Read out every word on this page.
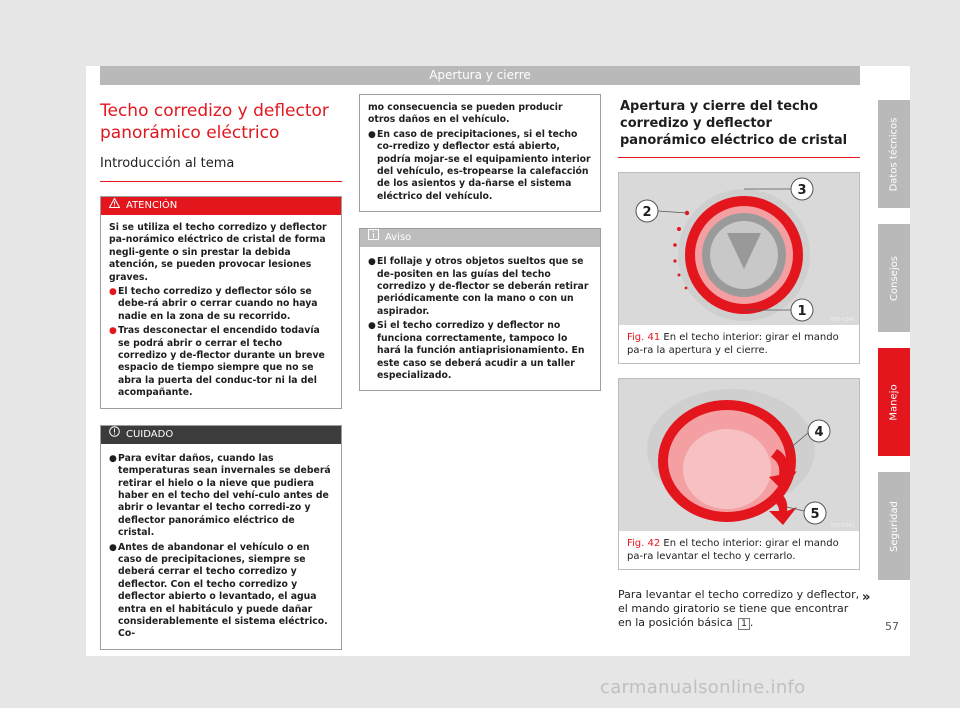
Apertura y cierre
Techo corredizo y deflector
panorámico eléctrico
Introducción al tema
ATENCIÓN

Si se utiliza el techo corredizo y deflector pa-norámico eléctrico de cristal de forma negli-gente o sin prestar la debida atención, se pueden provocar lesiones graves.

● El techo corredizo y deflector sólo se debe-rá abrir o cerrar cuando no haya nadie en la zona de su recorrido.
● Tras desconectar el encendido todavía se podrá abrir o cerrar el techo corredizo y de-flector durante un breve espacio de tiempo siempre que no se abra la puerta del conduc-tor ni la del acompañante.
CUIDADO
● Para evitar daños, cuando las temperaturas sean invernales se deberá retirar el hielo o la nieve que pudiera haber en el techo del vehí-culo antes de abrir o levantar el techo corredi-zo y deflector panorámico eléctrico de cristal.
● Antes de abandonar el vehículo o en caso de precipitaciones, siempre se deberá cerrar el techo corredizo y deflector. Con el techo corredizo y deflector abierto o levantado, el agua entra en el habitáculo y puede dañar considerablemente el sistema eléctrico. Co-

mo consecuencia se pueden producir otros daños en el vehículo.

● En caso de precipitaciones, si el techo co-rredizo y deflector está abierto, podría mojar-se el equipamiento interior del vehículo, es-tropearse la calefacción de los asientos y da-ñarse el sistema eléctrico del vehículo.
Aviso
● El follaje y otros objetos sueltos que se de-positen en las guías del techo corredizo y de-flector se deberán retirar periódicamente con la mano o con un aspirador.
● Si el techo corredizo y deflector no funciona correctamente, tampoco lo hará la función antiaprisionamiento. En este caso se deberá acudir a un taller especializado.
Apertura y cierre del techo corredizo y deflector panorámico eléctrico de cristal
2
3
1
B5F-0340
Fig. 41 En el techo interior: girar el mando pa-ra la apertura y el cierre.
4
5
B5F-0341
Fig. 42 En el techo interior: girar el mando pa-ra levantar el techo y cerrarlo.
Para levantar el techo corredizo y deflector, el mando giratorio se tiene que encontrar en la posición básica 1 .
»
57
Datos técnicos
Consejos
Manejo
Seguridad
carmanualsonline.info
